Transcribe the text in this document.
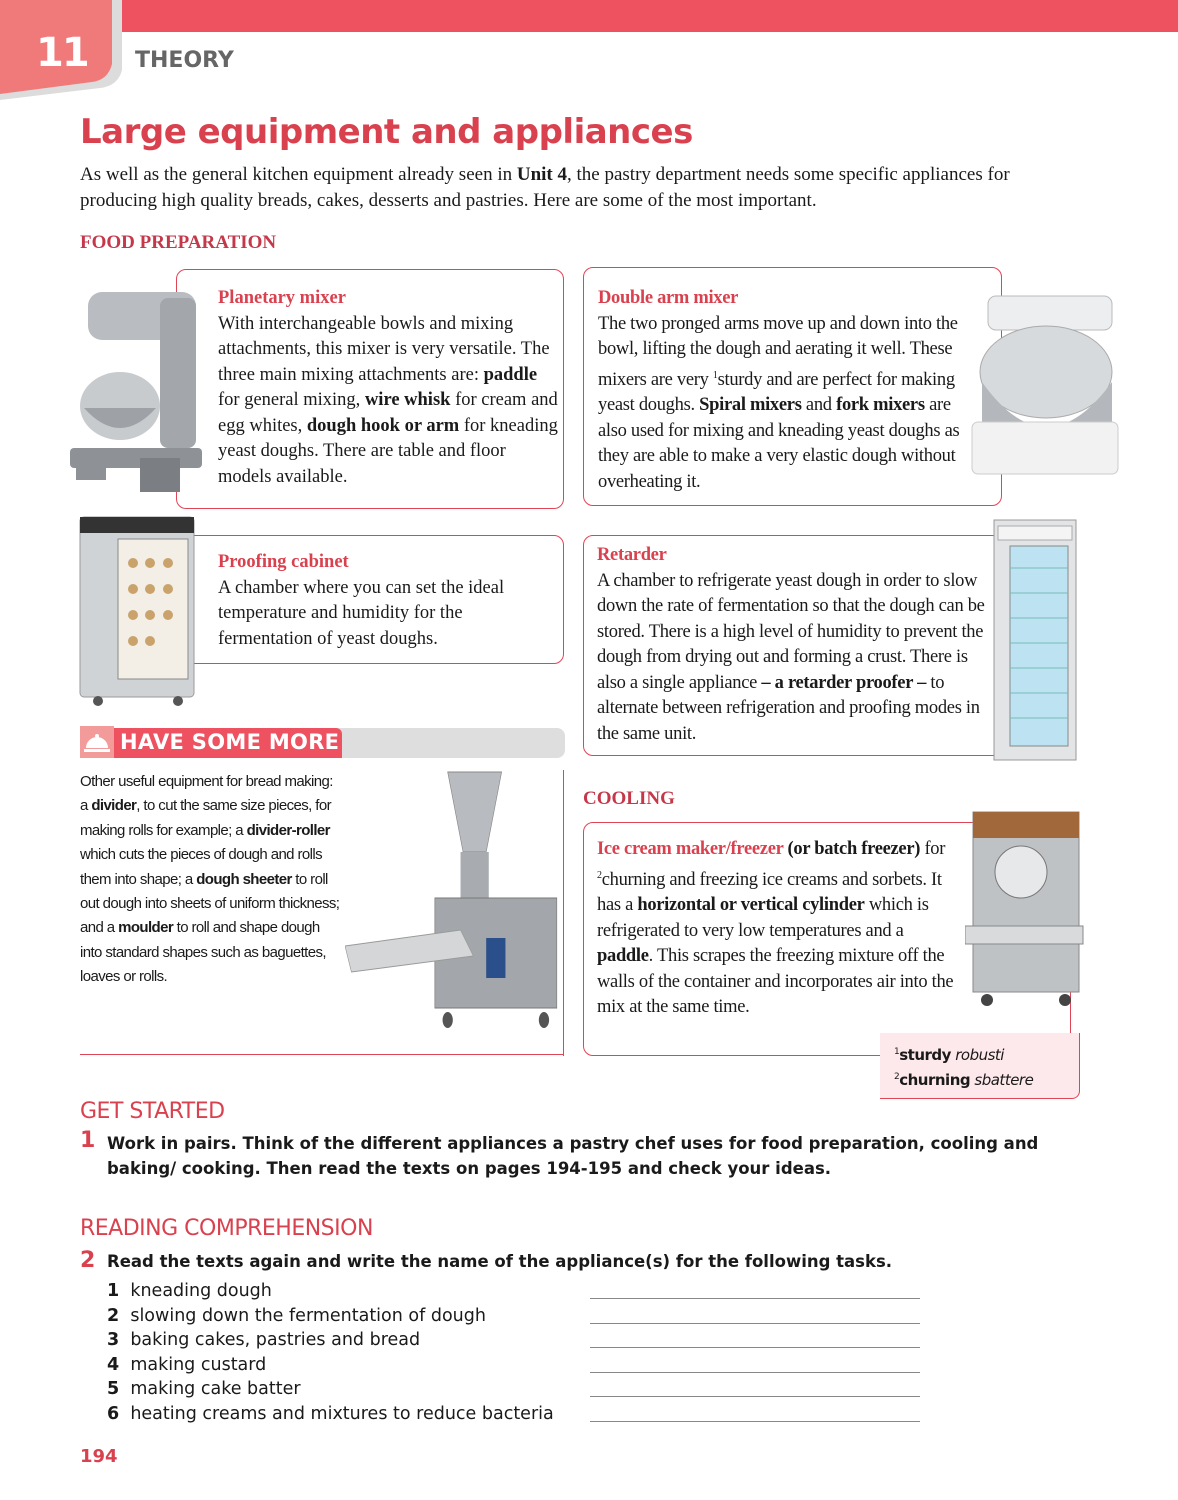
11 THEORY
Large equipment and appliances

As well as the general kitchen equipment already seen in Unit 4, the pastry department needs some specific appliances for producing high quality breads, cakes, desserts and pastries. Here are some of the most important.

FOOD PREPARATION
Planetary mixer
With interchangeable bowls and mixing attachments, this mixer is very versatile. The three main mixing attachments are: paddle for general mixing, wire whisk for cream and egg whites, dough hook or arm for kneading yeast doughs. There are table and floor models available.
Double arm mixer
The two pronged arms move up and down into the bowl, lifting the dough and aerating it well. These mixers are very $^1$sturdy and are perfect for making yeast doughs. Spiral mixers and fork mixers are also used for mixing and kneading yeast doughs as they are able to make a very elastic dough without overheating it.
Proofing cabinet
A chamber where you can set the ideal temperature and humidity for the fermentation of yeast doughs.
Retarder
A chamber to refrigerate yeast dough in order to slow down the rate of fermentation so that the dough can be stored. There is a high level of humidity to prevent the dough from drying out and forming a crust. There is also a single appliance – a retarder proofer – to alternate between refrigeration and proofing modes in the same unit.
HAVE SOME MORE
Other useful equipment for bread making: a divider, to cut the same size pieces, for making rolls for example; a divider-roller which cuts the pieces of dough and rolls them into shape; a dough sheeter to roll out dough into sheets of uniform thickness; and a moulder to roll and shape dough into standard shapes such as baguettes, loaves or rolls.
COOLING
Ice cream maker/freezer (or batch freezer) for $^2$churning and freezing ice creams and sorbets. It has a horizontal or vertical cylinder which is refrigerated to very low temperatures and a paddle. This scrapes the freezing mixture off the walls of the container and incorporates air into the mix at the same time.
$^1$sturdy robusti
$^2$churning sbattere
GET STARTED
1 Work in pairs. Think of the different appliances a pastry chef uses for food preparation, cooling and baking/ cooking. Then read the texts on pages 194-195 and check your ideas.
READING COMPREHENSION
2 Read the texts again and write the name of the appliance(s) for the following tasks.
1 kneading dough
2 slowing down the fermentation of dough
3 baking cakes, pastries and bread
4 making custard
5 making cake batter
6 heating creams and mixtures to reduce bacteria
194
